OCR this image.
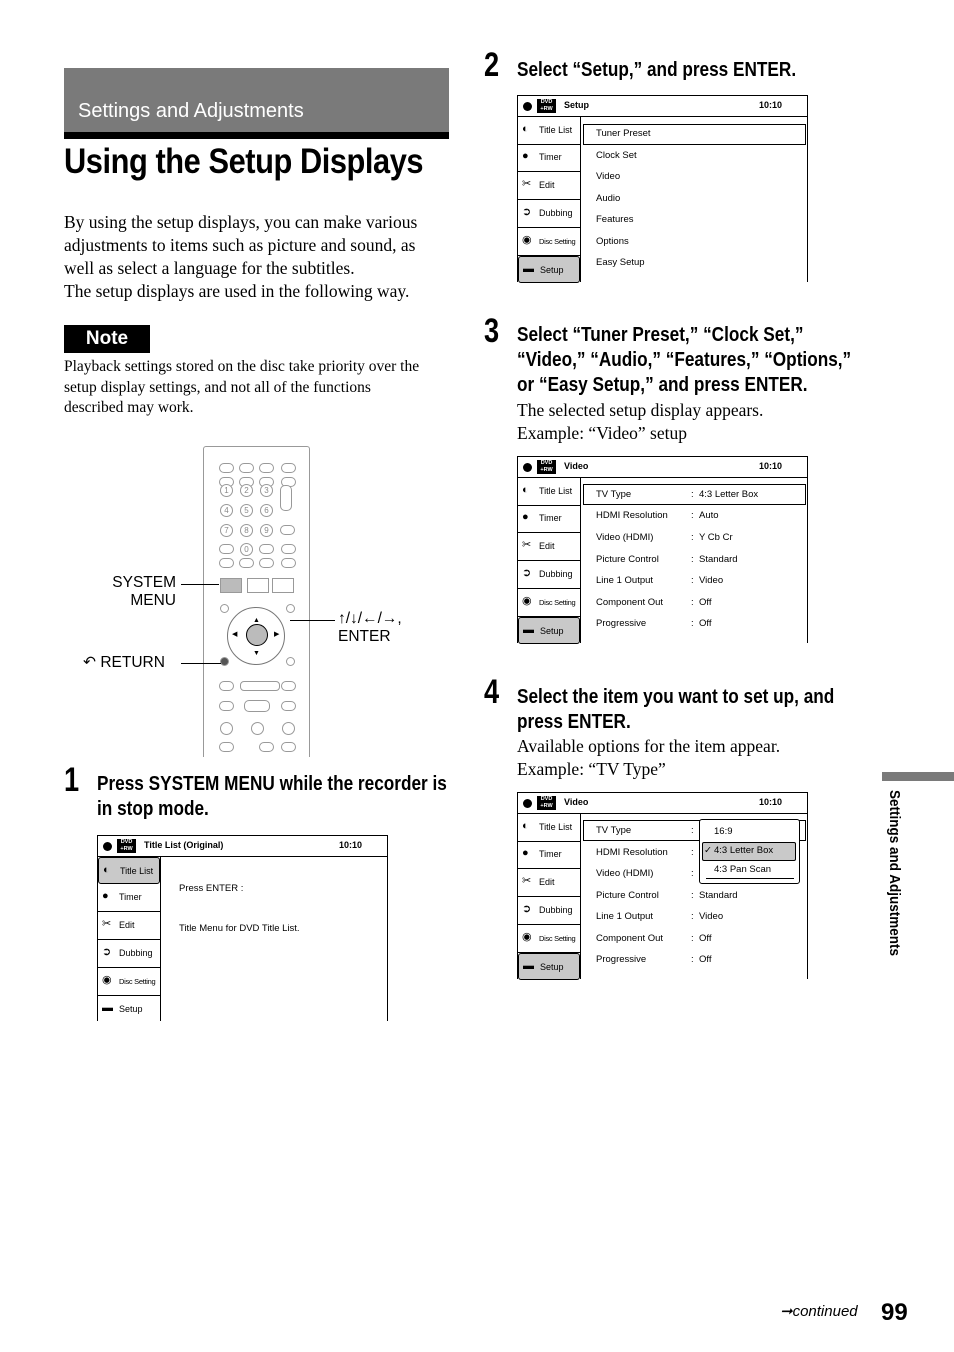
Settings and Adjustments
Using the Setup Displays
By using the setup displays, you can make various
adjustments to items such as picture and sound, as
well as select a language for the subtitles.
The setup displays are used in the following way.
Note
Playback settings stored on the disc take priority over the
setup display settings, and not all of the functions
described may work.
1	2	3
4	5	6
7	8	9
0
▲
▼
◀	▶
SYSTEM
MENU
↶ RETURN
↑/↓/←/→,
ENTER
1 Press SYSTEM MENU while the recorder is
in stop mode.
DVD
+RW	Title List (Original)	10:10
◐	Title List
●	Timer
✂ Edit
➲ Dubbing
◉ Disc Setting
▬ Setup
Press ENTER :
Title Menu for DVD Title List.
2 Select “Setup,” and press ENTER.
DVD
+RW	Setup	10:10
◐	Title List
●	Timer
✂ Edit
➲ Dubbing
◉ Disc Setting
▬ Setup
Tuner Preset
Clock Set
Video
Audio
Features
Options
Easy Setup
3 Select “Tuner Preset,” “Clock Set,”
“Video,” “Audio,” “Features,” “Options,”
or “Easy Setup,” and press ENTER.
The selected setup display appears.
Example: “Video” setup
DVD
+RW	Video	10:10
◐	Title List
●	Timer
✂ Edit
➲ Dubbing
◉ Disc Setting
▬ Setup
TV Type	: 4:3 Letter Box
HDMI Resolution : Auto
Video (HDMI)	: Y Cb Cr
Picture Control	: Standard
Line 1 Output	: Video
Component Out	: Off
Progressive	: Off
4 Select the item you want to set up, and
press ENTER.
Available options for the item appear.
Example: “TV Type”
DVD
+RW	Video	10:10
◐	Title List
●	Timer
✂ Edit
➲ Dubbing
◉ Disc Setting
▬ Setup
TV Type	:
HDMI Resolution :
Video (HDMI)	:
Picture Control	: Standard
Line 1 Output	: Video
Component Out	: Off
Progressive	: Off
16:9
✓ 4:3 Letter Box
4:3 Pan Scan	Settings and Adjustments
➞continued 99
